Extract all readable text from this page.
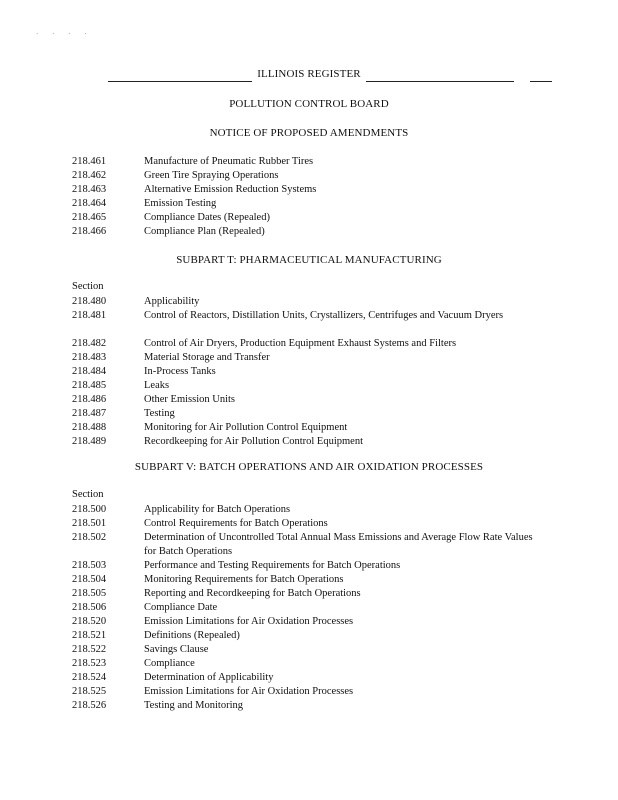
· · · ·
ILLINOIS REGISTER
POLLUTION CONTROL BOARD
NOTICE OF PROPOSED AMENDMENTS
218.461	Manufacture of Pneumatic Rubber Tires
218.462	Green Tire Spraying Operations
218.463	Alternative Emission Reduction Systems
218.464	Emission Testing
218.465	Compliance Dates (Repealed)
218.466	Compliance Plan (Repealed)
SUBPART T: PHARMACEUTICAL MANUFACTURING
Section
218.480	Applicability
218.481	Control of Reactors, Distillation Units, Crystallizers, Centrifuges and Vacuum Dryers
218.482	Control of Air Dryers, Production Equipment Exhaust Systems and Filters
218.483	Material Storage and Transfer
218.484	In-Process Tanks
218.485	Leaks
218.486	Other Emission Units
218.487	Testing
218.488	Monitoring for Air Pollution Control Equipment
218.489	Recordkeeping for Air Pollution Control Equipment
SUBPART V: BATCH OPERATIONS AND AIR OXIDATION PROCESSES
Section
218.500	Applicability for Batch Operations
218.501	Control Requirements for Batch Operations
218.502	Determination of Uncontrolled Total Annual Mass Emissions and Average Flow Rate Values for Batch Operations
218.503	Performance and Testing Requirements for Batch Operations
218.504	Monitoring Requirements for Batch Operations
218.505	Reporting and Recordkeeping for Batch Operations
218.506	Compliance Date
218.520	Emission Limitations for Air Oxidation Processes
218.521	Definitions (Repealed)
218.522	Savings Clause
218.523	Compliance
218.524	Determination of Applicability
218.525	Emission Limitations for Air Oxidation Processes
218.526	Testing and Monitoring
